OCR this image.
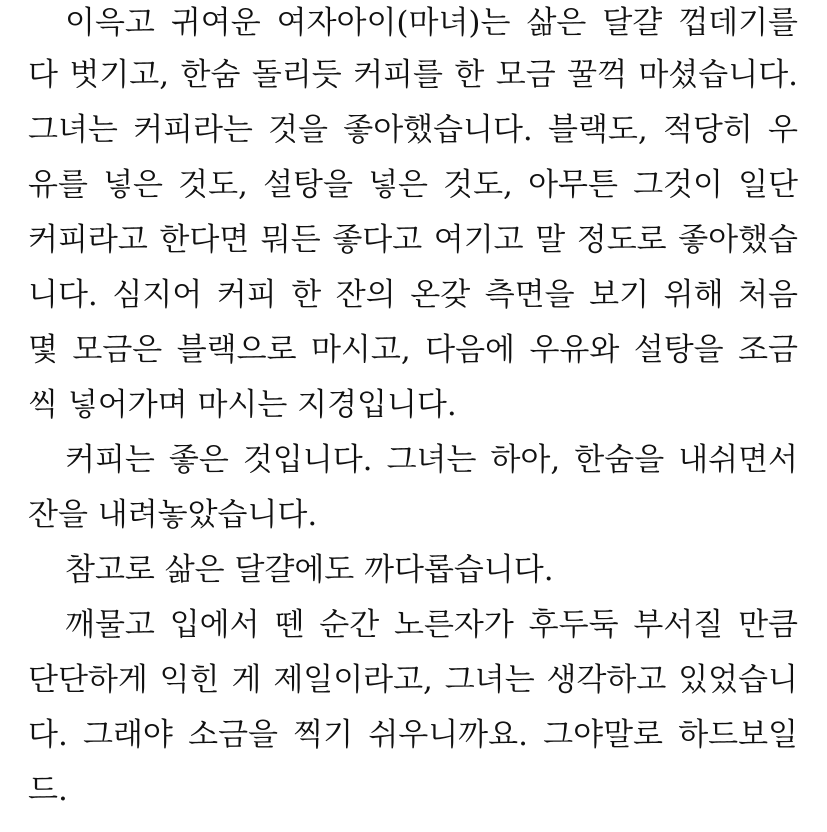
이윽고 귀여운 여자아이(마녀)는 삶은 달걀 껍데기를
다 벗기고, 한숨 돌리듯 커피를 한 모금 꿀꺽 마셨습니다.
그녀는 커피라는 것을 좋아했습니다. 블랙도, 적당히 우
유를 넣은 것도, 설탕을 넣은 것도, 아무튼 그것이 일단
커피라고 한다면 뭐든 좋다고 여기고 말 정도로 좋아했습
니다. 심지어 커피 한 잔의 온갖 측면을 보기 위해 처음
몇 모금은 블랙으로 마시고, 다음에 우유와 설탕을 조금
씩 넣어가며 마시는 지경입니다.
커피는 좋은 것입니다. 그녀는 하아, 한숨을 내쉬면서
잔을 내려놓았습니다.
참고로 삶은 달걀에도 까다롭습니다.
깨물고 입에서 뗀 순간 노른자가 후두둑 부서질 만큼
단단하게 익힌 게 제일이라고, 그녀는 생각하고 있었습니
다. 그래야 소금을 찍기 쉬우니까요. 그야말로 하드보일
드.
